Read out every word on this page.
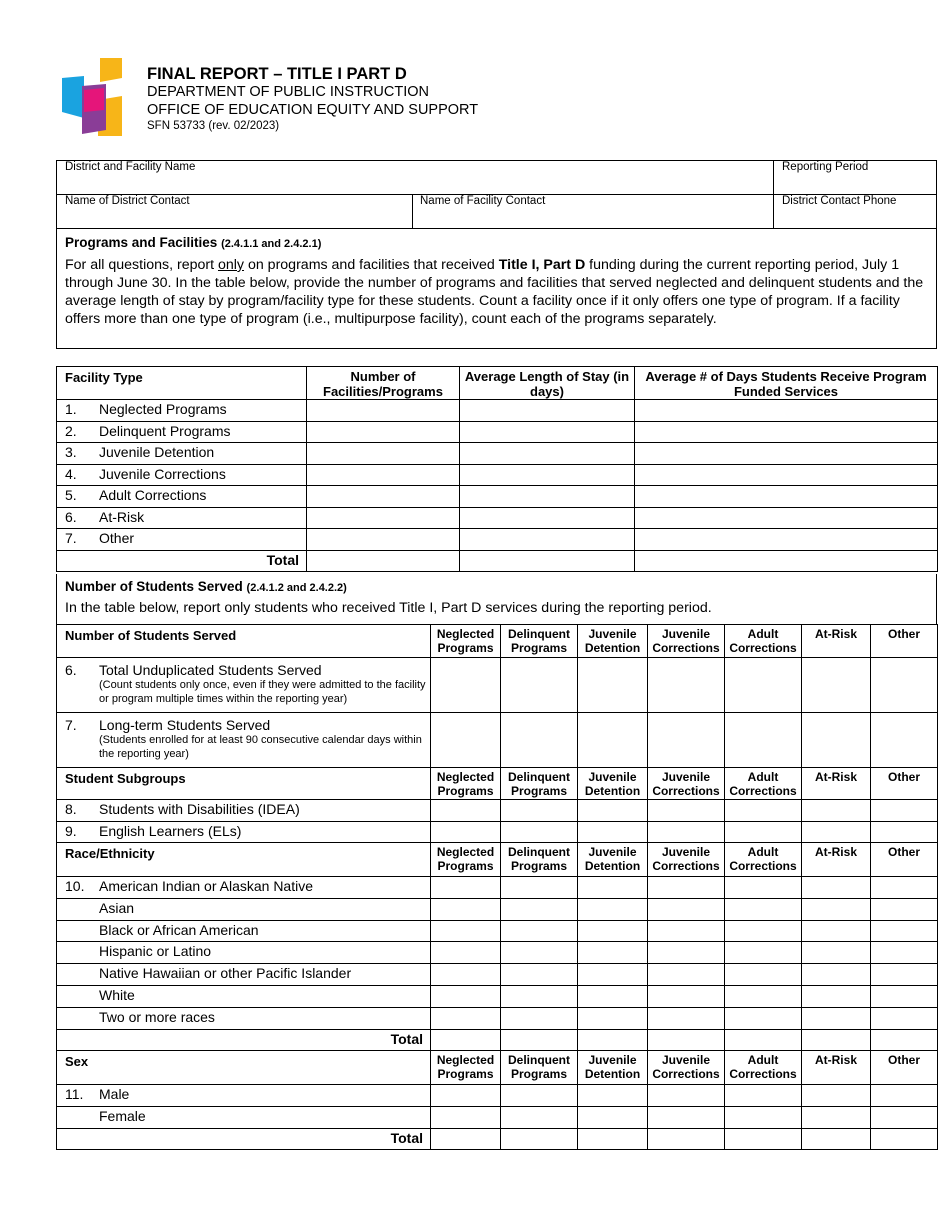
FINAL REPORT – TITLE I PART D
DEPARTMENT OF PUBLIC INSTRUCTION
OFFICE OF EDUCATION EQUITY AND SUPPORT
SFN 53733 (rev. 02/2023)
District and Facility Name	Reporting Period
Name of District Contact	Name of Facility Contact	District Contact Phone
Programs and Facilities (2.4.1.1 and 2.4.2.1)
For all questions, report only on programs and facilities that received Title I, Part D funding during the current reporting period, July 1 through June 30. In the table below, provide the number of programs and facilities that served neglected and delinquent students and the average length of stay by program/facility type for these students. Count a facility once if it only offers one type of program. If a facility offers more than one type of program (i.e., multipurpose facility), count each of the programs separately.
Facility Type	Number of Facilities/Programs	Average Length of Stay (in days)	Average # of Days Students Receive Program Funded Services
1. Neglected Programs			
2. Delinquent Programs			
3. Juvenile Detention			
4. Juvenile Corrections			
5. Adult Corrections			
6. At-Risk			
7. Other			
Total			
Number of Students Served (2.4.1.2 and 2.4.2.2)
In the table below, report only students who received Title I, Part D services during the reporting period.
Number of Students Served	Neglected Programs	Delinquent Programs	Juvenile Detention	Juvenile Corrections	Adult Corrections	At-Risk	Other
6. Total Unduplicated Students Served
(Count students only once, even if they were admitted to the facility or program multiple times within the reporting year)							

7. Long-term Students Served
(Students enrolled for at least 90 consecutive calendar days within the reporting year)							

Student Subgroups	Neglected Programs	Delinquent Programs	Juvenile Detention	Juvenile Corrections	Adult Corrections	At-Risk	Other
8. Students with Disabilities (IDEA)							
9. English Learners (ELs)							
Race/Ethnicity	Neglected Programs	Delinquent Programs	Juvenile Detention	Juvenile Corrections	Adult Corrections	At-Risk	Other
10. American Indian or Alaskan Native							
Asian							
Black or African American							
Hispanic or Latino							
Native Hawaiian or other Pacific Islander							
White							
Two or more races							
Total							
Sex	Neglected Programs	Delinquent Programs	Juvenile Detention	Juvenile Corrections	Adult Corrections	At-Risk	Other
11. Male							
Female							
Total							
